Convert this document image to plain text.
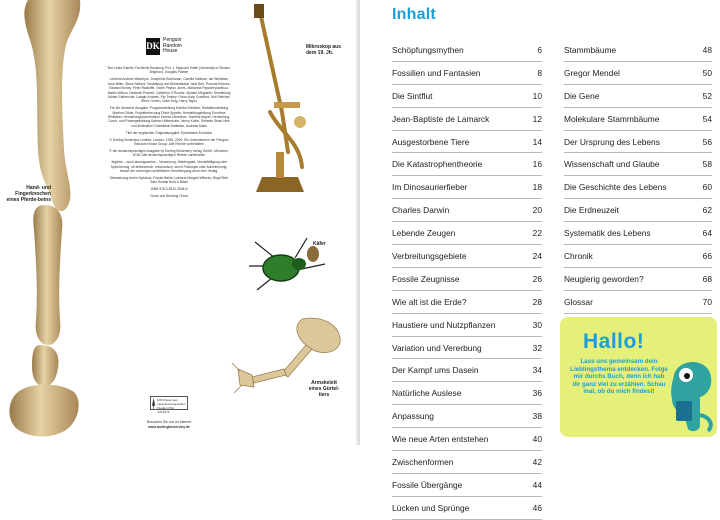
Hand- und Fingerknochen eines Pferde-beins
DK
Penguin
Random
House

Text Linda Gamlin; Fachliche Beratung Prof. J. Maynard Smith (University of Sussex, Brighton), Douglas Palmer

Lektorat Andrew Macintyre, Josephine Buchanan, Camilla Hallinan, Ian Whitelaw, Jane Miller, Steve Setford; Gestaltung und Bildredaktion Jane Bull, Thomas Keenes, Edward Kinsey, Peter Radcliffe, Owen Peyton Jones, Marianna Papachrysanthou, Martin Wilson, Deborah Powrell, Catherine O'Rourke, Myriam Mégharbi; Herstellung Adrian Gathercole, Laragh Kedwell, Pip Tinsley; Fotos Andy Crawford, Neil Fletcher, Steve Gorton, Dave King, Harry Taylor

Für die deutsche Ausgabe: Programmleitung Monika Schlitzer; Redaktionsleitung Martina Glöde; Projektbetreuung Dörte Eppelin; Herstellungsleitung Dorothee Whittaker; Herstellungskoordination Ksenia Lebedeva, Josefine Aigner; Herstellung, Cover- und Postergestaltung Sabine Hüttenkofer, Jenny Kolbe, Stefanie Staat; Idee und Illustration Chamäleon blattwise, Andreas Mack

Titel der englischen Originalausgabe: Eyewitness Evolution

© Dorling Kindersley Limited, London, 1993, 2009. Ein Unternehmen der Penguin Random House Group. Alle Rechte vorbehalten

© der deutschsprachigen Ausgabe by Dorling Kindersley Verlag GmbH, München, 2018. Alle deutschsprachigen Rechte vorbehalten

Jegliche – auch auszugsweise – Verwertung, Wiedergabe, Vervielfältigung oder Speicherung, ob elektronisch, mechanisch, durch Fotokopie oder Aufzeichnung, bedarf der vorherigen schriftlichen Genehmigung durch den Verlag.

Übersetzung Armin Kyriakos, Frauke Bahle; Lektorat Margret Wilhelm, Birgit Reit; Satz Roman Bold & Black

ISBN 978-3-8310-3546-5

Druck und Bindung China

MIX Papier aus verantwortungsvollen Quellen FSC C018179
Besuchen Sie uns im Internet
www.dorlingkindersley.de
Mikroskop aus dem 19. Jh.
Käfer
Armskelett eines Gürtel-tiers
Inhalt
Schöpfungsmythen	6
Fossilien und Fantasien	8
Die Sintflut	10
Jean-Baptiste de Lamarck	12
Ausgestorbene Tiere	14
Die Katastrophentheorie	16
Im Dinosaurierfieber	18
Charles Darwin	20
Lebende Zeugen	22
Verbreitungsgebiete	24
Fossile Zeugnisse	26
Wie alt ist die Erde?	28
Haustiere und Nutzpflanzen	30
Variation und Vererbung	32
Der Kampf ums Dasein	34
Natürliche Auslese	36
Anpassung	38
Wie neue Arten entstehen	40
Zwischenformen	42
Fossile Übergänge	44
Lücken und Sprünge	46
Stammbäume	48
Gregor Mendel	50
Die Gene	52
Molekulare Stammbäume	54
Der Ursprung des Lebens	56
Wissenschaft und Glaube	58
Die Geschichte des Lebens	60
Die Erdneuzeit	62
Systematik des Lebens	64
Chronik	66
Neugierig geworden?	68
Glossar	70
Hallo!
Lass uns gemeinsam dein Lieblingsthema entdecken. Folge mir durchs Buch, denn ich hab dir ganz viel zu erzählen. Schau mal, ob du mich findest!
